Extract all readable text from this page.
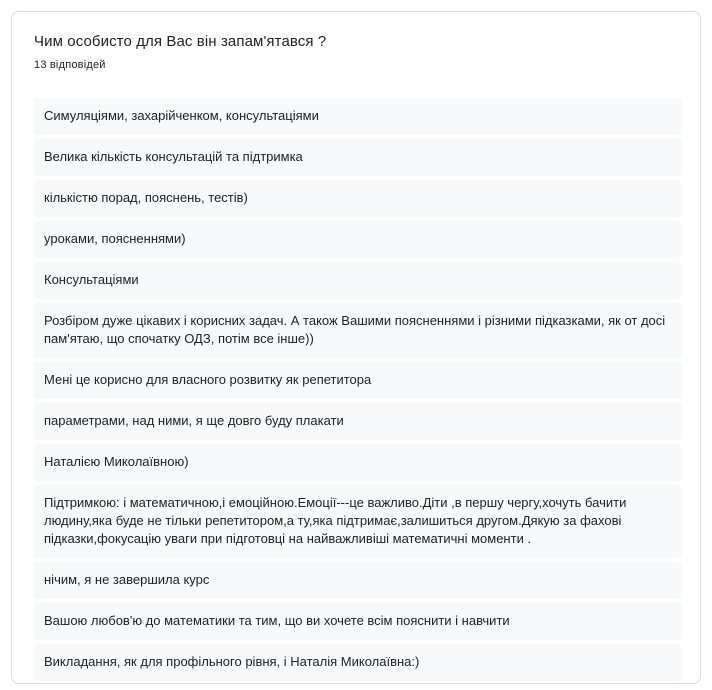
Чим особисто для Вас він запам'ятався ?
13 відповідей
Симуляціями, захарійченком, консультаціями
Велика кількість консультацій та підтримка
кількістю порад, пояснень, тестів)
уроками, поясненнями)
Консультаціями
Розбіром дуже цікавих і корисних задач. А також Вашими поясненнями і різними підказками, як от досі пам'ятаю, що спочатку ОДЗ, потім все інше))
Мені це корисно для власного розвитку як репетитора
параметрами, над ними, я ще довго буду плакати
Наталією Миколаївною)
Підтримкою: і математичною,і емоційною.Емоції---це важливо.Діти ,в першу чергу,хочуть бачити людину,яка буде не тільки репетитором,а ту,яка підтримає,залишиться другом.Дякую за фахові підказки,фокусацію уваги при підготовці на найважливіші математичні моменти .
нічим, я не завершила курс
Вашою любов'ю до математики та тим, що ви хочете всім пояснити і навчити
Викладання, як для профільного рівня, і Наталія Миколаївна:)
